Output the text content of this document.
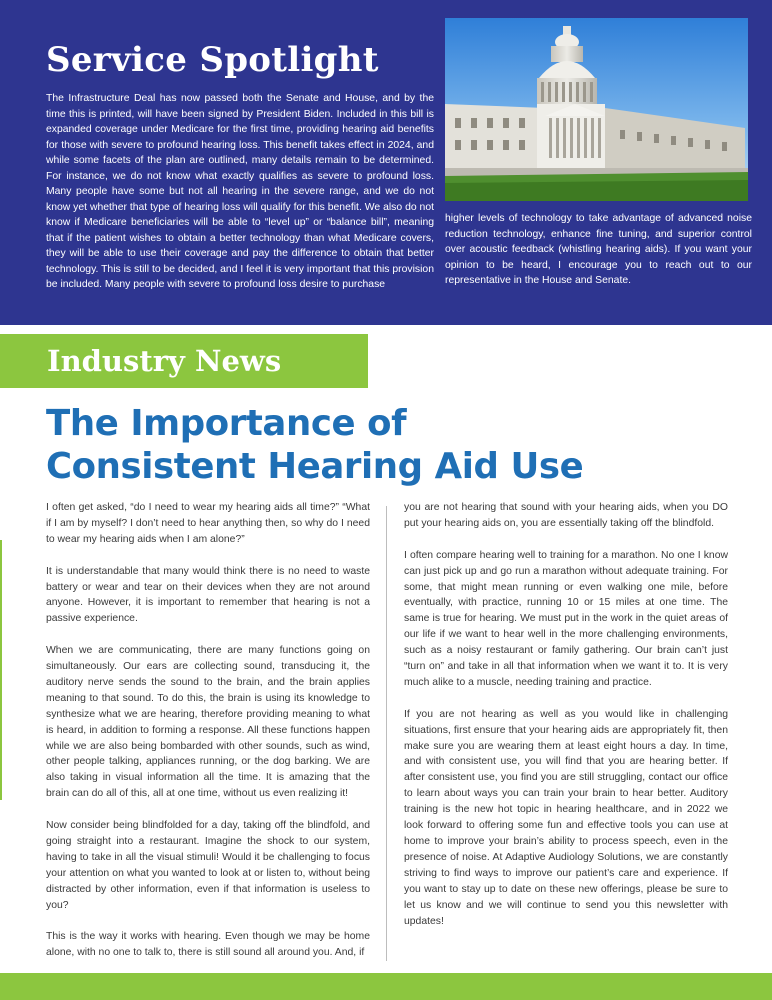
Service Spotlight

The Infrastructure Deal has now passed both the Senate and House, and by the time this is printed, will have been signed by President Biden. Included in this bill is expanded coverage under Medicare for the first time, providing hearing aid benefits for those with severe to profound hearing loss. This benefit takes effect in 2024, and while some facets of the plan are outlined, many details remain to be determined. For instance, we do not know what exactly qualifies as severe to profound loss. Many people have some but not all hearing in the severe range, and we do not know yet whether that type of hearing loss will qualify for this benefit. We also do not know if Medicare beneficiaries will be able to “level up” or “balance bill”, meaning that if the patient wishes to obtain a better technology than what Medicare covers, they will be able to use their coverage and pay the difference to obtain that better technology. This is still to be decided, and I feel it is very important that this provision be included. Many people with severe to profound loss desire to purchase

higher levels of technology to take advantage of advanced noise reduction technology, enhance fine tuning, and superior control over acoustic feedback (whistling hearing aids). If you want your opinion to be heard, I encourage you to reach out to our representative in the House and Senate.

Industry News
The Importance of
Consistent Hearing Aid Use

I often get asked, “do I need to wear my hearing aids all time?” “What if I am by myself? I don’t need to hear anything then, so why do I need to wear my hearing aids when I am alone?”

It is understandable that many would think there is no need to waste battery or wear and tear on their devices when they are not around anyone. However, it is important to remember that hearing is not a passive experience.

When we are communicating, there are many functions going on simultaneously. Our ears are collecting sound, transducing it, the auditory nerve sends the sound to the brain, and the brain applies meaning to that sound. To do this, the brain is using its knowledge to synthesize what we are hearing, therefore providing meaning to what is heard, in addition to forming a response. All these functions happen while we are also being bombarded with other sounds, such as wind, other people talking, appliances running, or the dog barking. We are also taking in visual information all the time. It is amazing that the brain can do all of this, all at one time, without us even realizing it!

Now consider being blindfolded for a day, taking off the blindfold, and going straight into a restaurant. Imagine the shock to our system, having to take in all the visual stimuli! Would it be challenging to focus your attention on what you wanted to look at or listen to, without being distracted by other information, even if that information is useless to you?

This is the way it works with hearing. Even though we may be home alone, with no one to talk to, there is still sound all around you. And, if

you are not hearing that sound with your hearing aids, when you DO put your hearing aids on, you are essentially taking off the blindfold.

I often compare hearing well to training for a marathon. No one I know can just pick up and go run a marathon without adequate training. For some, that might mean running or even walking one mile, before eventually, with practice, running 10 or 15 miles at one time. The same is true for hearing. We must put in the work in the quiet areas of our life if we want to hear well in the more challenging environments, such as a noisy restaurant or family gathering. Our brain can’t just “turn on” and take in all that information when we want it to. It is very much alike to a muscle, needing training and practice.

If you are not hearing as well as you would like in challenging situations, first ensure that your hearing aids are appropriately fit, then make sure you are wearing them at least eight hours a day. In time, and with consistent use, you will find that you are hearing better. If after consistent use, you find you are still struggling, contact our office to learn about ways you can train your brain to hear better. Auditory training is the new hot topic in hearing healthcare, and in 2022 we look forward to offering some fun and effective tools you can use at home to improve your brain’s ability to process speech, even in the presence of noise. At Adaptive Audiology Solutions, we are constantly striving to find ways to improve our patient’s care and experience. If you want to stay up to date on these new offerings, please be sure to let us know and we will continue to send you this newsletter with updates!
